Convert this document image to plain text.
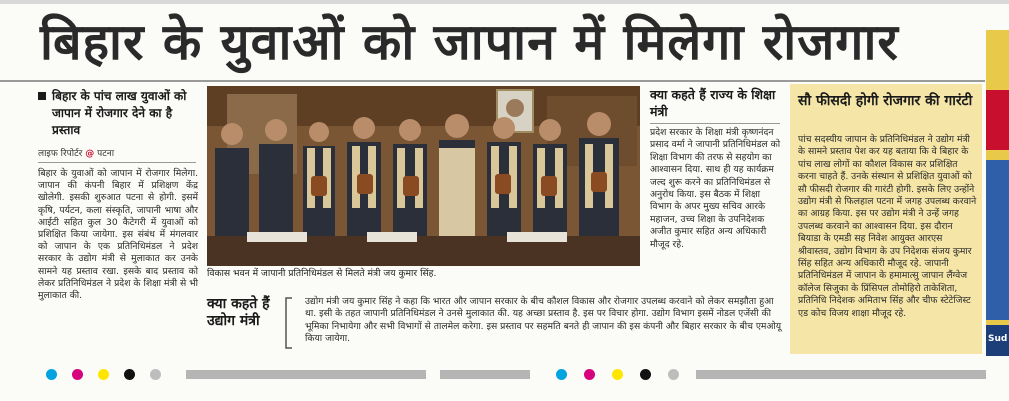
बिहार के युवाओं को जापान में मिलेगा रोजगार
बिहार के पांच लाख युवाओं को जापान में रोजगार देने का है प्रस्ताव
लाइफ रिपोर्टर @ पटना
बिहार के युवाओं को जापान में रोजगार मिलेगा. जापान की कंपनी बिहार में प्रशिक्षण केंद्र खोलेगी. इसकी शुरुआत पटना से होगी. इसमें कृषि, पर्यटन, कला संस्कृति, जापानी भाषा और आईटी सहित कुल 30 कैटेगरी में युवाओं को प्रशिक्षित किया जायेगा. इस संबंध में मंगलवार को जापान के एक प्रतिनिधिमंडल ने प्रदेश सरकार के उद्योग मंत्री से मुलाकात कर उनके सामने यह प्रस्ताव रखा. इसके बाद प्रस्ताव को लेकर प्रतिनिधिमंडल ने प्रदेश के शिक्षा मंत्री से भी मुलाकात की.
विकास भवन में जापानी प्रतिनिधिमंडल से मिलते मंत्री जय कुमार सिंह.
क्या कहते हैं राज्य के शिक्षा मंत्री
प्रदेश सरकार के शिक्षा मंत्री कृष्णनंदन प्रसाद वर्मा ने जापानी प्रतिनिधिमंडल को शिक्षा विभाग की तरफ से सहयोग का आश्वासन दिया. साथ ही यह कार्यक्रम जल्द शुरू करने का प्रतिनिधिमंडल से अनुरोध किया. इस बैठक में शिक्षा विभाग के अपर मुख्य सचिव आरके महाजन, उच्च शिक्षा के उपनिदेशक अजीत कुमार सहित अन्य अधिकारी मौजूद रहे.
क्या कहते हैं उद्योग मंत्री
उद्योग मंत्री जय कुमार सिंह ने कहा कि भारत और जापान सरकार के बीच कौशल विकास और रोजगार उपलब्ध करवाने को लेकर समझौता हुआ था. इसी के तहत जापानी प्रतिनिधिमंडल ने उनसे मुलाकात की. यह अच्छा प्रस्ताव है. इस पर विचार होगा. उद्योग विभाग इसमें नोडल एजेंसी की भूमिका निभायेगा और सभी विभागों से तालमेल करेगा. इस प्रस्ताव पर सहमति बनते ही जापान की इस कंपनी और बिहार सरकार के बीच एमओयू किया जायेगा.
सौ फीसदी होगी रोजगार की गारंटी
पांच सदस्यीय जापान के प्रतिनिधिमंडल ने उद्योग मंत्री के सामने प्रस्ताव पेश कर यह बताया कि वे बिहार के पांच लाख लोगों का कौशल विकास कर प्रशिक्षित करना चाहते हैं. उनके संस्थान से प्रशिक्षित युवाओं को सौ फीसदी रोजगार की गारंटी होगी. इसके लिए उन्होंने उद्योग मंत्री से फिलहाल पटना में जगह उपलब्ध करवाने का आग्रह किया. इस पर उद्योग मंत्री ने उन्हें जगह उपलब्ध करवाने का आश्वासन दिया. इस दौरान बियाडा के एमडी सह निवेश आयुक्त आरएस श्रीवास्तव, उद्योग विभाग के उप निदेशक संजय कुमार सिंह सहित अन्य अधिकारी मौजूद रहे. जापानी प्रतिनिधिमंडल में जापान के हमामात्सु जापान लैंग्वेज कॉलेज सिजुका के प्रिंसिपल तोमोहिरो ताकेशिता, प्रतिनिधि निदेशक अमिताभ सिंह और चीफ स्टेटेजिस्ट एड कोच विजय शाक्षा मौजूद रहे.
Sud
